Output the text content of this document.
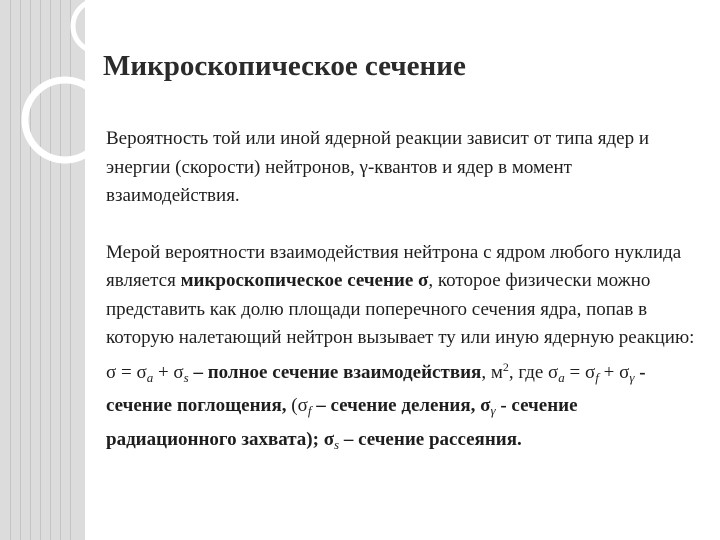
Микроскопическое сечение

Вероятность той или иной ядерной реакции зависит от типа ядер и энергии (скорости) нейтронов, γ-квантов и ядер в момент взаимодействия.

Мерой вероятности взаимодействия нейтрона с ядром любого нуклида является микроскопическое сечение σ, которое физически можно представить как долю площади поперечного сечения ядра, попав в которую налетающий нейтрон вызывает ту или иную ядерную реакцию: $\sigma = \sigma_a + \sigma_s$ – полное сечение взаимодействия, $м^2$, где $\sigma_a = \sigma_f + \sigma_\gamma$ - сечение поглощения, ($\sigma_f$ – сечение деления, $\sigma_\gamma$ - сечение радиационного захвата); $\sigma_s$ – сечение рассеяния.
